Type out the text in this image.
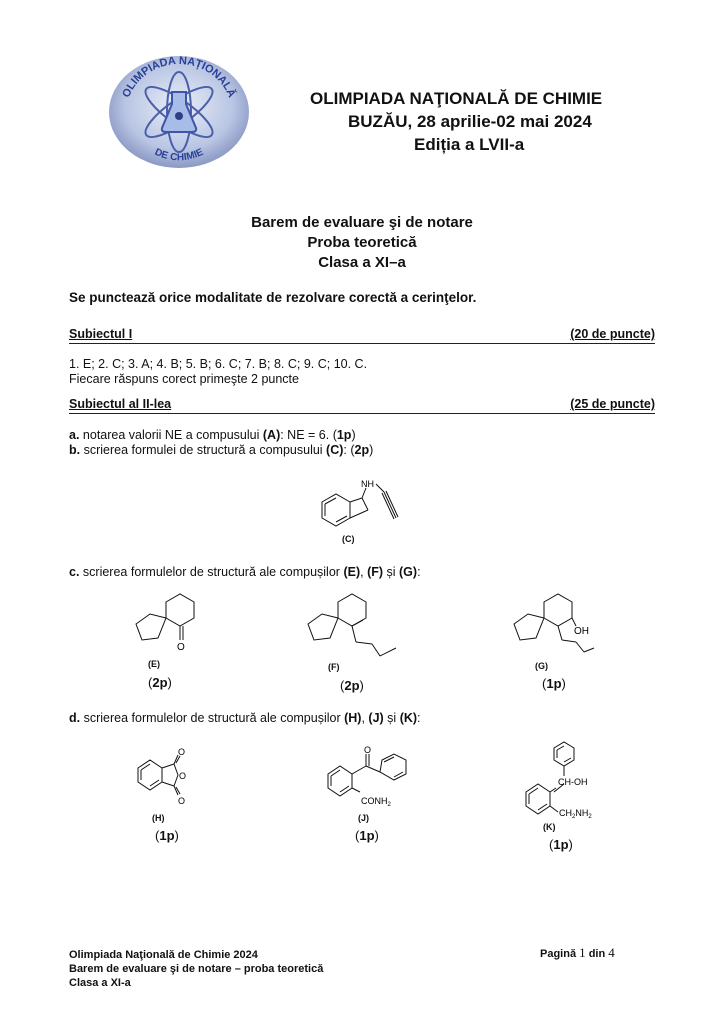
OLIMPIADA NAȚIONALĂ
DE CHIMIE
OLIMPIADA NAŢIONALĂ DE CHIMIE
BUZĂU, 28 aprilie-02 mai 2024
Ediția a LVII-a
Barem de evaluare şi de notare
Proba teoretică
Clasa a XI–a
Se punctează orice modalitate de rezolvare corectă a cerinţelor.
Subiectul I	(20 de puncte)
1. E; 2. C; 3. A; 4. B; 5. B; 6. C; 7. B; 8. C; 9. C; 10. C.
Fiecare răspuns corect primeşte 2 puncte
Subiectul al II-lea	(25 de puncte)
a. notarea valorii NE a compusului (A): NE = 6. (1p)
b. scrierea formulei de structură a compusului (C): (2p)
NH
(C)
c. scrierea formulelor de structură ale compușilor (E), (F) și (G):
O
(E)
(2p)
(F)
(2p)
OH
(G)
(1p)
d. scrierea formulelor de structură ale compușilor (H), (J) și (K):
O
O
O
(H)
(1p)
O
$CONH_2$
(J)
(1p)
CH-OH
$CH_2NH_2$
(K)
(1p)
Olimpiada Naţională de Chimie 2024
Barem de evaluare şi de notare – proba teoretică
Clasa a XI-a
Pagină 1 din 4
